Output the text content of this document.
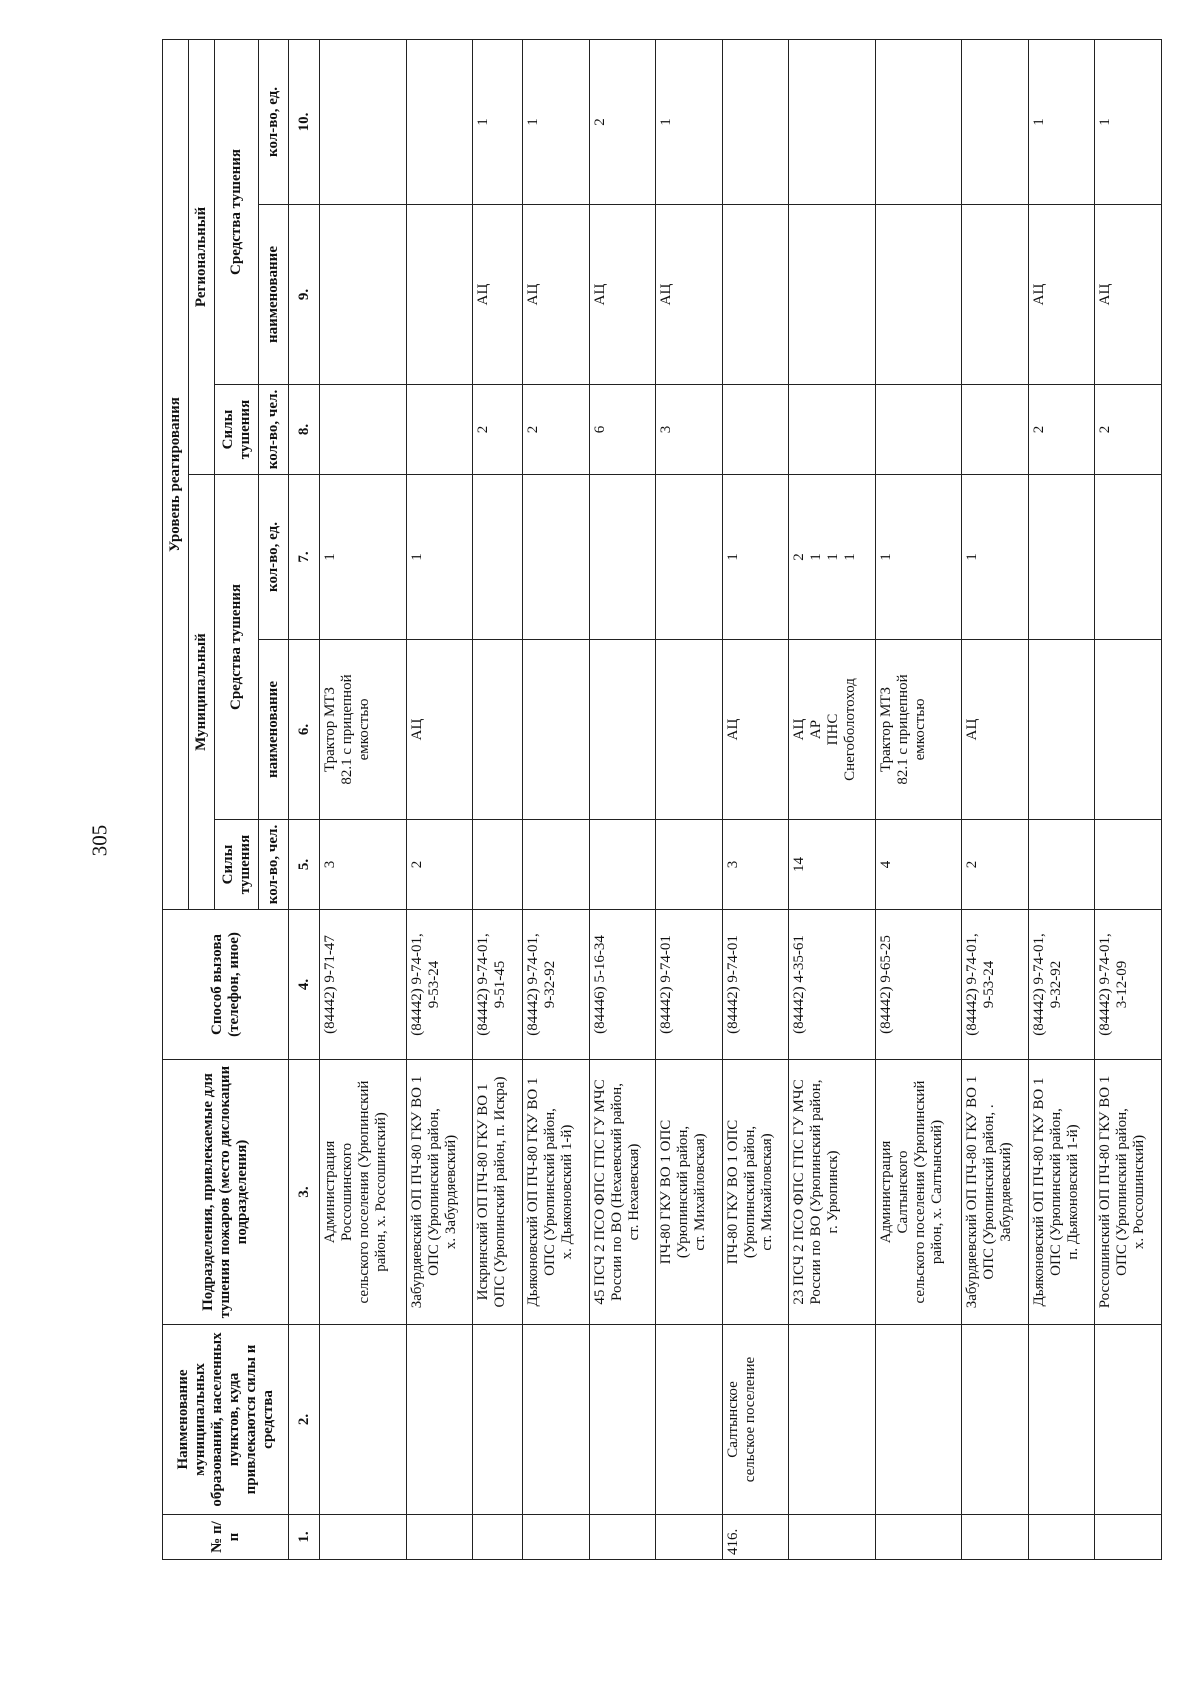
305
№ п/п	Наименование муниципальных образований, населенных пунктов, куда привлекаются силы и средства	Подразделения, привлекаемые для тушения пожаров (место дислокации подразделения)	Способ вызова (телефон, иное)	Уровень реагирования					
				Муниципальный			Региональный		
				Силы тушения	Средства тушения		Силы тушения	Средства тушения	
				кол-во, чел.	наименование	кол-во, ед.	кол-во, чел.	наименование	кол-во, ед.
1.	2.	3.	4.	5.	6.	7.	8.	9.	10.
		Администрация
Россошинского
сельского поселения (Урюпинский
район, х. Россошинский)	(84442) 9-71-47	3	Трактор МТЗ
82.1 с прицепной
емкостью	1			
		Забурдяевский ОП ПЧ-80 ГКУ ВО 1
ОПС (Урюпинский район,
х. Забурдяевский)	(84442) 9-74-01,
9-53-24	2	АЦ	1			
		Искринский ОП ПЧ-80 ГКУ ВО 1
ОПС (Урюпинский район, п. Искра)	(84442) 9-74-01,
9-51-45				2	АЦ	1
		Дьяконовский ОП ПЧ-80 ГКУ ВО 1
ОПС (Урюпинский район,
х. Дьяконовский 1-й)	(84442) 9-74-01,
9-32-92				2	АЦ	1
		45 ПСЧ 2 ПСО ФПС ГПС ГУ МЧС
России по ВО (Нехаевский район,
ст. Нехаевская)	(84446) 5-16-34				6	АЦ	2
		ПЧ-80 ГКУ ВО 1 ОПС
(Урюпинский район,
ст. Михайловская)	(84442) 9-74-01				3	АЦ	1
416.	Салтынское
сельское поселение	ПЧ-80 ГКУ ВО 1 ОПС
(Урюпинский район,
ст. Михайловская)	(84442) 9-74-01	3	АЦ	1			
		23 ПСЧ 2 ПСО ФПС ГПС ГУ МЧС
России по ВО (Урюпинский район,
г. Урюпинск)	(84442) 4-35-61	14	АЦ
АР
ПНС
Снегоболотоход	2
1
1
1			
		Администрация
Салтынского
сельского поселения (Урюпинский
район, х. Салтынский)	(84442) 9-65-25	4	Трактор МТЗ
82.1 с прицепной
емкостью	1			
		Забурдяевский ОП ПЧ-80 ГКУ ВО 1
ОПС (Урюпинский район, .
Забурдяевский)	(84442) 9-74-01,
9-53-24	2	АЦ	1			
		Дьяконовский ОП ПЧ-80 ГКУ ВО 1
ОПС (Урюпинский район,
п. Дьяконовский 1-й)	(84442) 9-74-01,
9-32-92				2	АЦ	1
		Россошинский ОП ПЧ-80 ГКУ ВО 1
ОПС (Урюпинский район,
х. Россошинский)	(84442) 9-74-01,
3-12-09				2	АЦ	1
